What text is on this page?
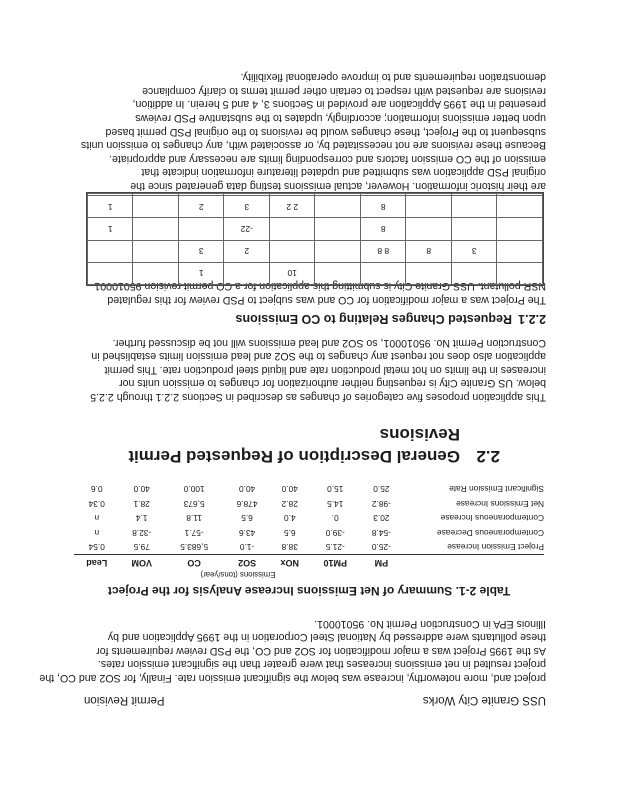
USS Granite City Works
Permit Revision

project and, more noteworthy, increase was below the significant emission rate. Finally, for SO2 and CO, the

project resulted in net emissions increases that were greater than the significant emission rates.

As the 1995 Project was a major modification for SO2 and CO, the PSD review requirements for

these pollutants were addressed by National Steel Corporation in the 1995 Application and by

Illinois EPA in Construction Permit No. 95010001.

Table 2-1. Summary of Net Emissions Increase Analysis for the Project
	Emissions (tons/year)						
	PM	PM10	NOx	SO2	CO	VOM	Lead
Project Emission Increase	-25.0	-21.5	38.8	-1.0	5,683.5	79.5	0.54
Contemporaneous Decrease	-54.8	-39.0	6.5	43.6	-57.1	-32.8	n
Contemporaneous Increase	20.3	0.	4.0	6.5	11.8	1.4	n
Net Emissions Increase	-98.2	14.5	28.2	478.6	5,673	28.1	0.34
Significant Emission Rate	25.0	15.0	40.0	40.0	100.0	40.0	0.6
2.2General Description of Requested Permit
Revisions

This application proposes five categories of changes as described in Sections 2.2.1 through 2.2.5

below. US Granite City is requesting neither authorization for changes to emission units nor

increases in the limits on hot metal production rate and liquid steel production rate. This permit

application also does not request any changes to the SO2 and lead emission limits established in

Construction Permit No. 95010001, so SO2 and lead emissions will not be discussed further.

2.2.1Requested Changes Relating to CO Emissions

The Project was a major modification for CO and was subject to PSD review for this regulated

NSR pollutant. USS Granite City is submitting this application for a CO permit revision 95010001

					10		1		
	3	8	8 8			2	3		
			8			-22			1
			8		2 2	3	2		1

are their historic information. However, actual emissions testing data generated since the

original PSD application was submitted and updated literature information indicate that

emission of the CO emission factors and corresponding limits are necessary and appropriate.

Because these revisions are not necessitated by, or associated with, any changes to emission units

subsequent to the Project, these changes would be revisions to the original PSD permit based

upon better emissions information; accordingly, updates to the substantive PSD reviews

presented in the 1995 Application are provided in Sections 3, 4 and 5 herein. In addition,

revisions are requested with respect to certain other permit terms to clarify compliance

demonstration requirements and to improve operational flexibility.
